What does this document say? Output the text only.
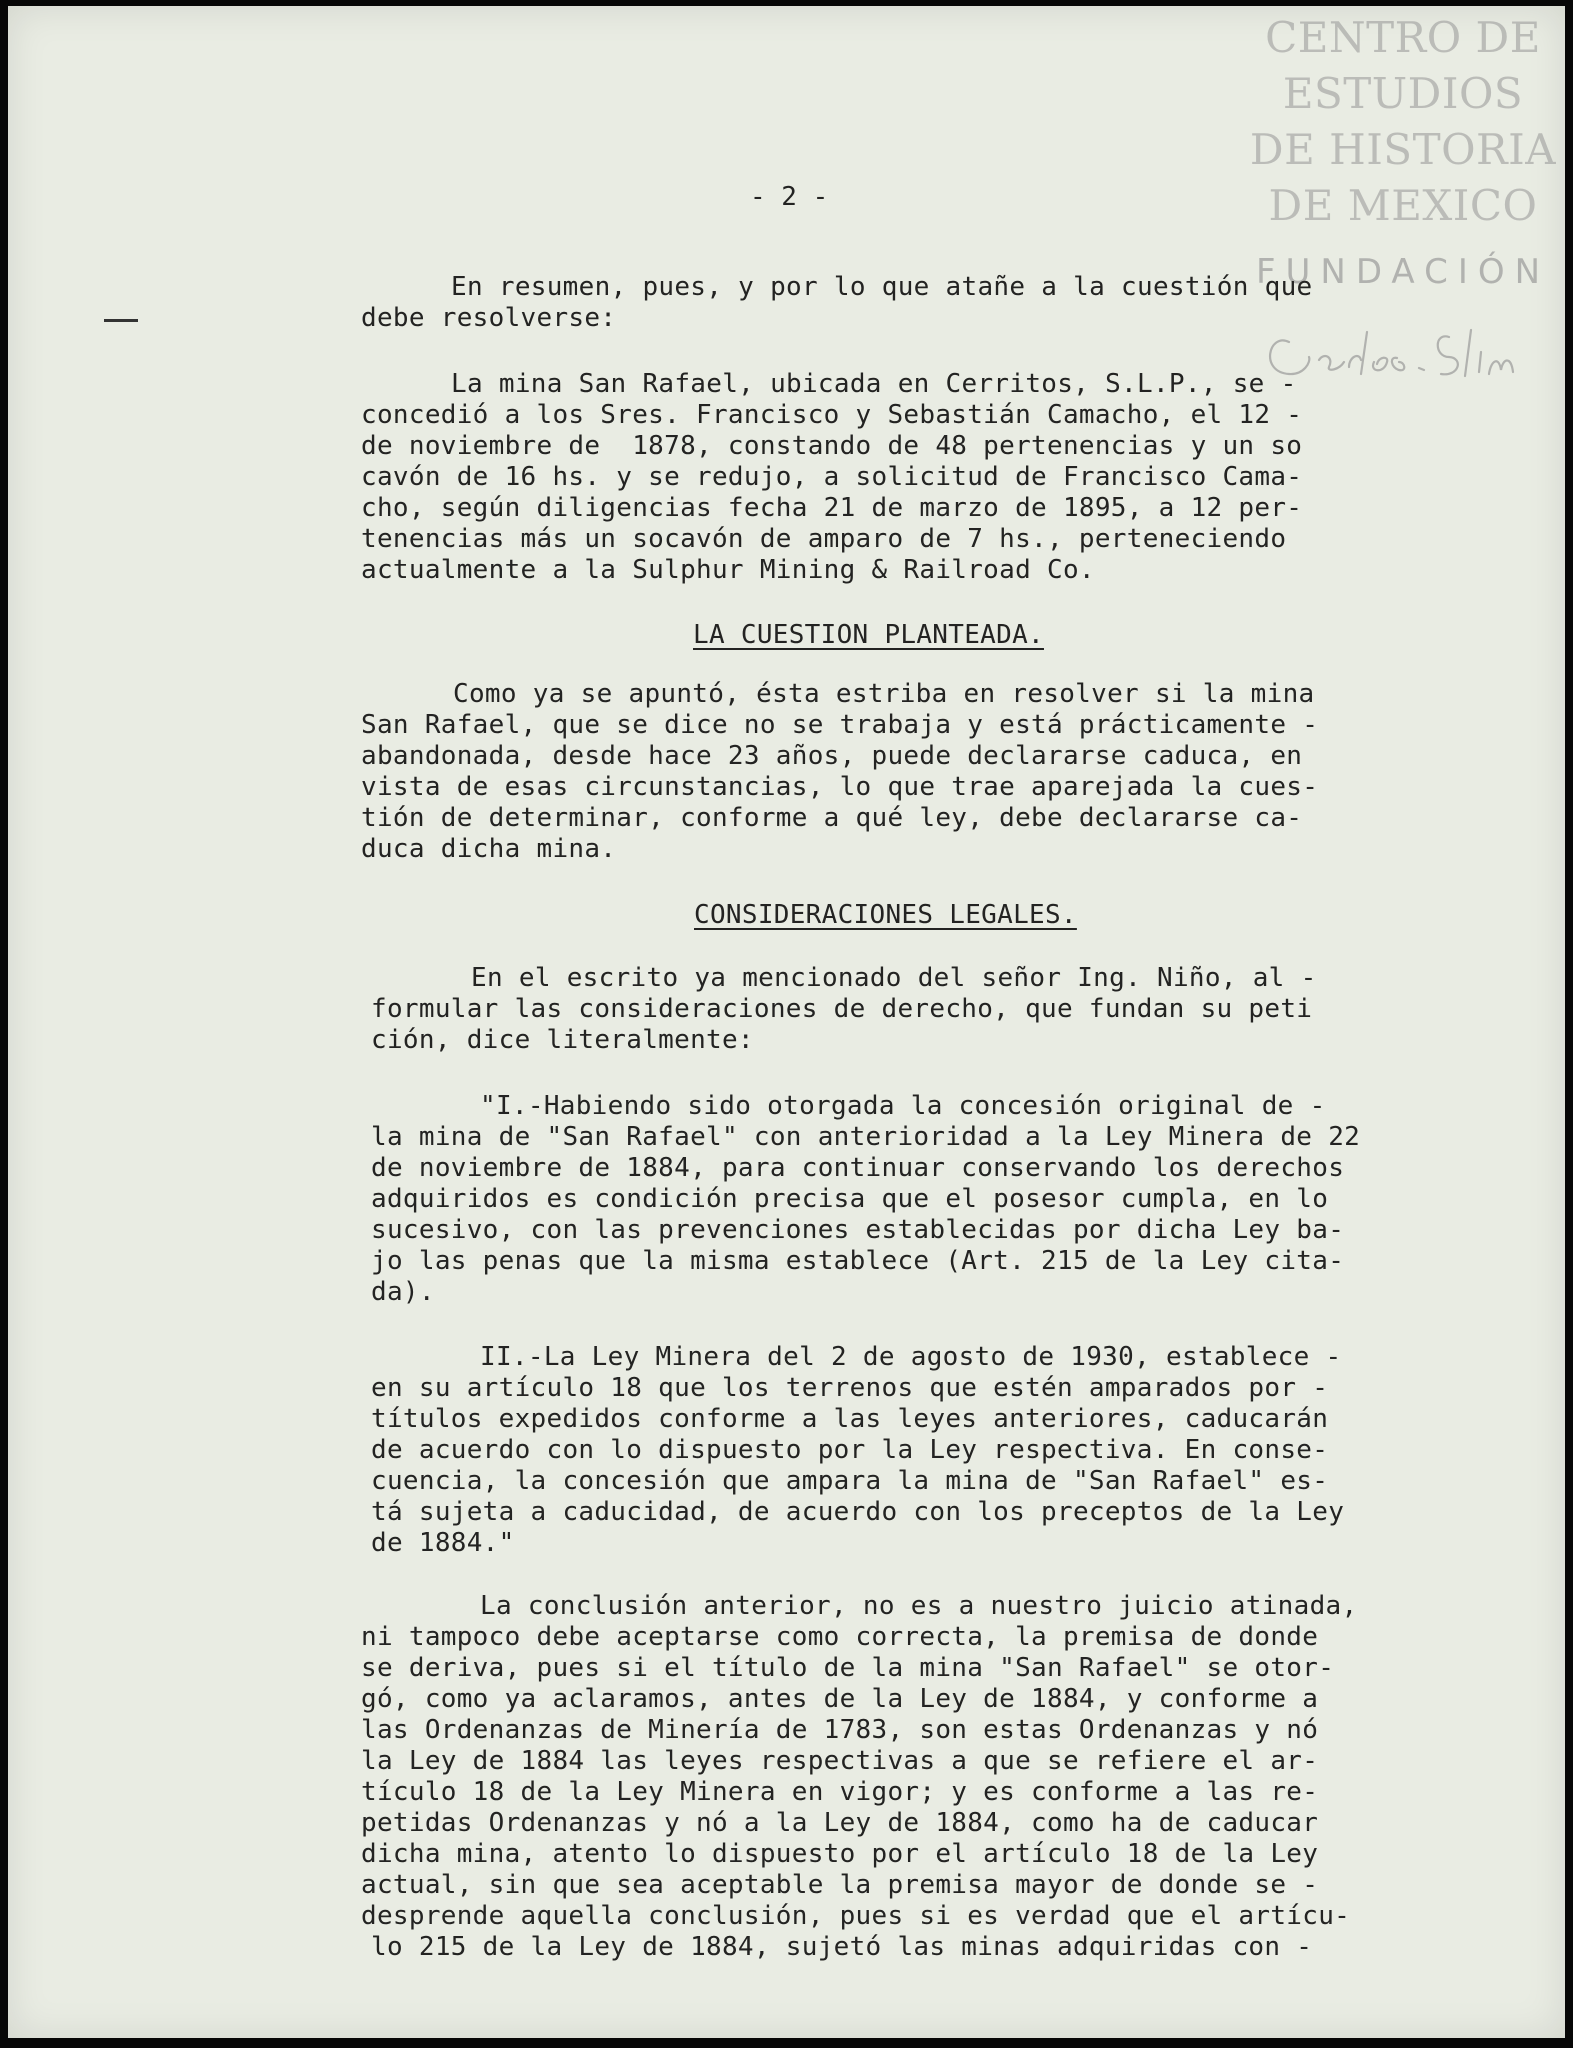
CENTRO DE
ESTUDIOS
DE HISTORIA
DE MEXICO
FUNDACIÓN
- 2 -

En resumen, pues, y por lo que atañe a la cuestión que

debe resolverse:

La mina San Rafael, ubicada en Cerritos, S.L.P., se -

concedió a los Sres. Francisco y Sebastián Camacho, el 12 -

de noviembre de  1878, constando de 48 pertenencias y un so

cavón de 16 hs. y se redujo, a solicitud de Francisco Cama-

cho, según diligencias fecha 21 de marzo de 1895, a 12 per-

tenencias más un socavón de amparo de 7 hs., perteneciendo

actualmente a la Sulphur Mining & Railroad Co.

LA CUESTION PLANTEADA.

Como ya se apuntó, ésta estriba en resolver si la mina

San Rafael, que se dice no se trabaja y está prácticamente -

abandonada, desde hace 23 años, puede declararse caduca, en

vista de esas circunstancias, lo que trae aparejada la cues-

tión de determinar, conforme a qué ley, debe declararse ca-

duca dicha mina.

CONSIDERACIONES LEGALES.

En el escrito ya mencionado del señor Ing. Niño, al -

formular las consideraciones de derecho, que fundan su peti

ción, dice literalmente:

"I.-Habiendo sido otorgada la concesión original de -

la mina de "San Rafael" con anterioridad a la Ley Minera de 22

de noviembre de 1884, para continuar conservando los derechos

adquiridos es condición precisa que el posesor cumpla, en lo

sucesivo, con las prevenciones establecidas por dicha Ley ba-

jo las penas que la misma establece (Art. 215 de la Ley cita-

da).

II.-La Ley Minera del 2 de agosto de 1930, establece -

en su artículo 18 que los terrenos que estén amparados por -

títulos expedidos conforme a las leyes anteriores, caducarán

de acuerdo con lo dispuesto por la Ley respectiva. En conse-

cuencia, la concesión que ampara la mina de "San Rafael" es-

tá sujeta a caducidad, de acuerdo con los preceptos de la Ley

de 1884."

La conclusión anterior, no es a nuestro juicio atinada,

ni tampoco debe aceptarse como correcta, la premisa de donde

se deriva, pues si el título de la mina "San Rafael" se otor-

gó, como ya aclaramos, antes de la Ley de 1884, y conforme a

las Ordenanzas de Minería de 1783, son estas Ordenanzas y nó

la Ley de 1884 las leyes respectivas a que se refiere el ar-

tículo 18 de la Ley Minera en vigor; y es conforme a las re-

petidas Ordenanzas y nó a la Ley de 1884, como ha de caducar

dicha mina, atento lo dispuesto por el artículo 18 de la Ley

actual, sin que sea aceptable la premisa mayor de donde se -

desprende aquella conclusión, pues si es verdad que el artícu-

lo 215 de la Ley de 1884, sujetó las minas adquiridas con -
